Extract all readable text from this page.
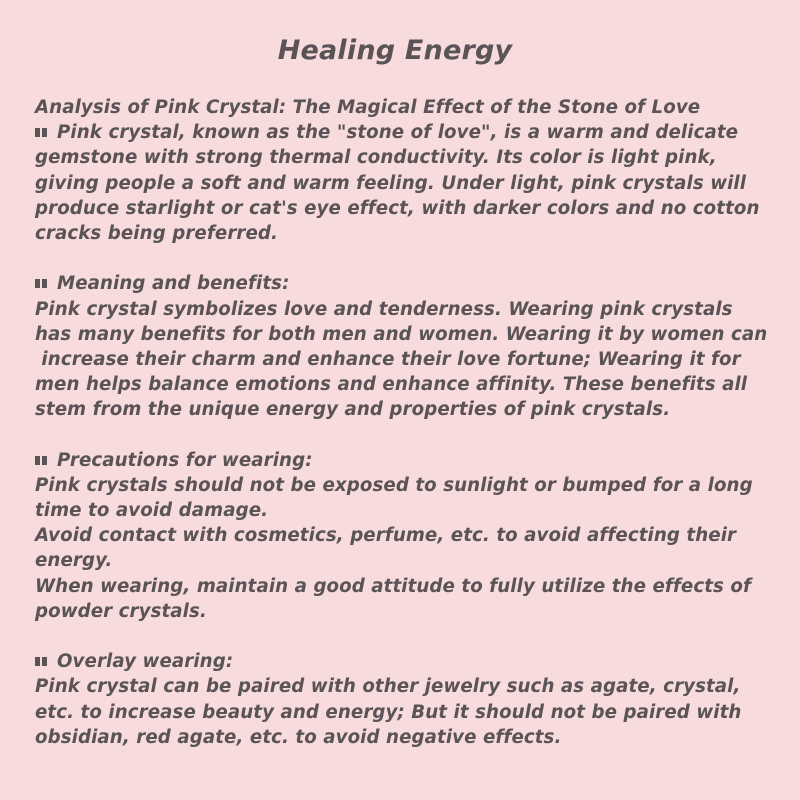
Healing Energy
Analysis of Pink Crystal: The Magical Effect of the Stone of Love
Pink crystal, known as the "stone of love", is a warm and delicate
gemstone with strong thermal conductivity. Its color is light pink,
giving people a soft and warm feeling. Under light, pink crystals will
produce starlight or cat's eye effect, with darker colors and no cotton
cracks being preferred.
Meaning and benefits:
Pink crystal symbolizes love and tenderness. Wearing pink crystals
has many benefits for both men and women. Wearing it by women can
increase their charm and enhance their love fortune; Wearing it for
men helps balance emotions and enhance affinity. These benefits all
stem from the unique energy and properties of pink crystals.
Precautions for wearing:
Pink crystals should not be exposed to sunlight or bumped for a long
time to avoid damage.
Avoid contact with cosmetics, perfume, etc. to avoid affecting their
energy.
When wearing, maintain a good attitude to fully utilize the effects of
powder crystals.
Overlay wearing:
Pink crystal can be paired with other jewelry such as agate, crystal,
etc. to increase beauty and energy; But it should not be paired with
obsidian, red agate, etc. to avoid negative effects.
